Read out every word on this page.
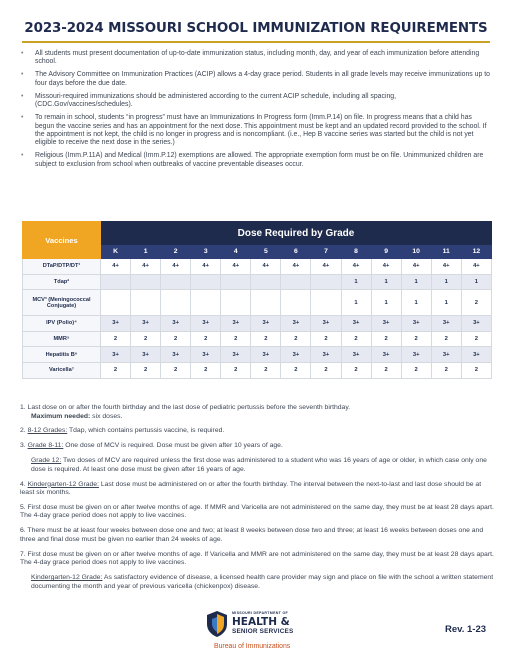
2023-2024 MISSOURI SCHOOL IMMUNIZATION REQUIREMENTS
• All students must present documentation of up-to-date immunization status, including month, day, and year of each immunization before attending school.
• The Advisory Committee on Immunization Practices (ACIP) allows a 4-day grace period. Students in all grade levels may receive immunizations up to four days before the due date.
• Missouri-required immunizations should be administered according to the current ACIP schedule, including all spacing, (CDC.Gov/vaccines/schedules).
• To remain in school, students “in progress” must have an Immunizations In Progress form (Imm.P.14) on file. In progress means that a child has begun the vaccine series and has an appointment for the next dose. This appointment must be kept and an updated record provided to the school. If the appointment is not kept, the child is no longer in progress and is noncompliant. (i.e., Hep B vaccine series was started but the child is not yet eligible to receive the next dose in the series.)
• Religious (Imm.P.11A) and Medical (Imm.P.12) exemptions are allowed. The appropriate exemption form must be on file. Unimmunized children are subject to exclusion from school when outbreaks of vaccine preventable diseases occur.
Vaccines	Dose Required by Grade												
	K	1	2	3	4	5	6	7	8	9	10	11	12
DTaP/DTP/DT¹	4+	4+	4+	4+	4+	4+	4+	4+	4+	4+	4+	4+	4+
Tdap²									1	1	1	1	1
MCV³ (Meningococcal Conjugate)									1	1	1	1	2
IPV (Polio)⁴	3+	3+	3+	3+	3+	3+	3+	3+	3+	3+	3+	3+	3+
MMR⁵	2	2	2	2	2	2	2	2	2	2	2	2	2
Hepatitis B⁶	3+	3+	3+	3+	3+	3+	3+	3+	3+	3+	3+	3+	3+
Varicella⁷	2	2	2	2	2	2	2	2	2	2	2	2	2
1. Last dose on or after the fourth birthday and the last dose of pediatric pertussis before the seventh birthday.
Maximum needed: six doses.
2. 8-12 Grades: Tdap, which contains pertussis vaccine, is required.
3. Grade 8-11: One dose of MCV is required. Dose must be given after 10 years of age.
Grade 12: Two doses of MCV are required unless the first dose was administered to a student who was 16 years of age or older, in which case only one dose is required. At least one dose must be given after 16 years of age.
4. Kindergarten-12 Grade: Last dose must be administered on or after the fourth birthday. The interval between the next-to-last and last dose should be at least six months.
5. First dose must be given on or after twelve months of age. If MMR and Varicella are not administered on the same day, they must be at least 28 days apart. The 4-day grace period does not apply to live vaccines.
6. There must be at least four weeks between dose one and two; at least 8 weeks between dose two and three; at least 16 weeks between doses one and three and final dose must be given no earlier than 24 weeks of age.
7. First dose must be given on or after twelve months of age. If Varicella and MMR are not administered on the same day, they must be at least 28 days apart. The 4-day grace period does not apply to live vaccines.
Kindergarten-12 Grade: As satisfactory evidence of disease, a licensed health care provider may sign and place on file with the school a written statement documenting the month and year of previous varicella (chickenpox) disease.
MISSOURI DEPARTMENT OF
HEALTH &
SENIOR SERVICES
Bureau of Immunizations
Rev. 1-23
